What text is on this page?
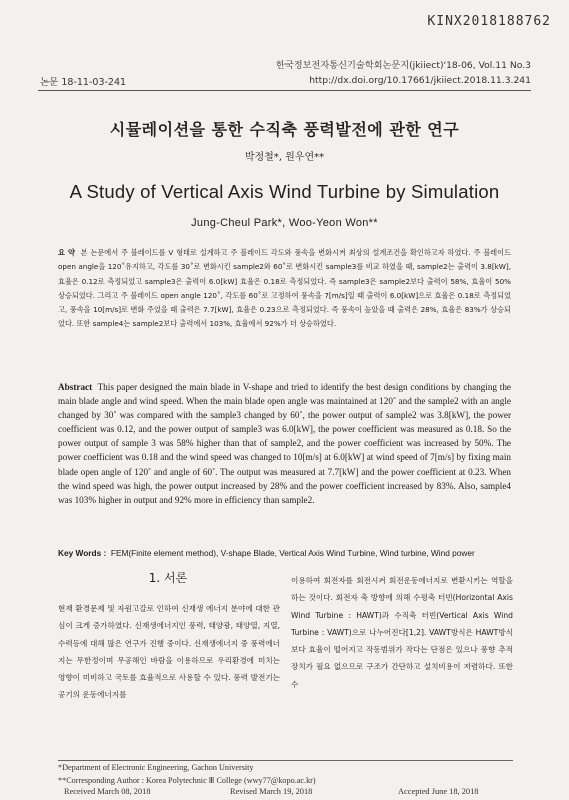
KINX2018188762
한국정보전자통신기술학회논문지(jkiiect)'18-06, Vol.11 No.3
http://dx.doi.org/10.17661/jkiiect.2018.11.3.241
논문 18-11-03-241
시뮬레이션을 통한 수직축 풍력발전에 관한 연구
박정철*, 원우연**
A Study of Vertical Axis Wind Turbine by Simulation
Jung-Cheul Park*, Woo-Yeon Won**
요 약 본 논문에서 주 블레이드를 V 형태로 설계하고 주 블레이드 각도와 풍속을 변화시켜 최상의 설계조건을 확인하고자 하였다. 주 블레이드 open angle을 120˚유지하고, 각도를 30˚로 변화시킨 sample2와 60˚로 변화시킨 sample3를 비교 하였을 때, sample2는 출력이 3.8[kW], 효율은 0.12로 측정되었고 sample3은 출력이 6.0[kW] 효율은 0.18로 측정되었다. 즉 sample3은 sample2보다 출력이 58%, 효율이 50% 상승되었다. 그리고 주 블레이드 open angle 120˚, 각도를 60˚로 고정하여 풍속을 7[m/s]일 때 출력이 6.0[kW]으로 효율은 0.18로 측정되었고, 풍속을 10[m/s]로 변화 주었을 때 출력은 7.7[kW], 효율은 0.23으로 측정되었다. 즉 풍속이 높았을 때 출력은 28%, 효율은 83%가 상승되었다. 또한 sample4는 sample2보다 출력에서 103%, 효율에서 92%가 더 상승하였다.
Abstract This paper designed the main blade in V-shape and tried to identify the best design conditions by changing the main blade angle and wind speed. When the main blade open angle was maintained at 120˚ and the sample2 with an angle changed by 30˚ was compared with the sample3 changed by 60˚, the power output of sample2 was 3.8[kW], the power coefficient was 0.12, and the power output of sample3 was 6.0[kW], the power coefficient was measured as 0.18. So the power output of sample 3 was 58% higher than that of sample2, and the power coefficient was increased by 50%. The power coefficient was 0.18 and the wind speed was changed to 10[m/s] at 6.0[kW] at wind speed of 7[m/s] by fixing main blade open angle of 120˚ and angle of 60˚. The output was measured at 7.7[kW] and the power coefficient at 0.23. When the wind speed was high, the power output increased by 28% and the power coefficient increased by 83%. Also, sample4 was 103% higher in output and 92% more in efficiency than sample2.
Key Words : FEM(Finite element method), V-shape Blade, Vertical Axis Wind Turbine, Wind turbine, Wind power
1. 서론
현재 환경문제 및 자원고갈로 인하여 신재생 에너지 분야에 대한 관심이 크게 증가하였다. 신재생에너지인 풍력, 태양광, 태양열, 지열, 수력등에 대해 많은 연구가 진행 중이다. 신재생에너지 중 풍력에너지는 무한정이며 무공해인 바람을 이용하므로 우리환경에 미치는 영향이 미비하고 국토를 효율적으로 사용할 수 있다. 풍력 발전기는 공기의 운동에너지를
이용하여 회전자를 회전시켜 회전운동에너지로 변환시키는 역할을 하는 것이다. 회전자 축 방향에 의해 수평축 터빈(Horizontal Axis Wind Turbine : HAWT)과 수직축 터빈(Vertical Axis Wind Turbine : VAWT)으로 나누어진다[1,2]. VAWT방식은 HAWT방식 보다 효율이 떨어지고 작동범위가 작다는 단점은 있으나 풍향 추적 장치가 필요 없으므로 구조가 간단하고 설치비용이 저렴하다. 또한 수
*Department of Electronic Engineering, Gachon University
**Corresponding Author : Korea Polytechnic Ⅲ College (wwy77@kopo.ac.kr)
Received March 08, 2018	Revised March 19, 2018	Accepted June 18, 2018
